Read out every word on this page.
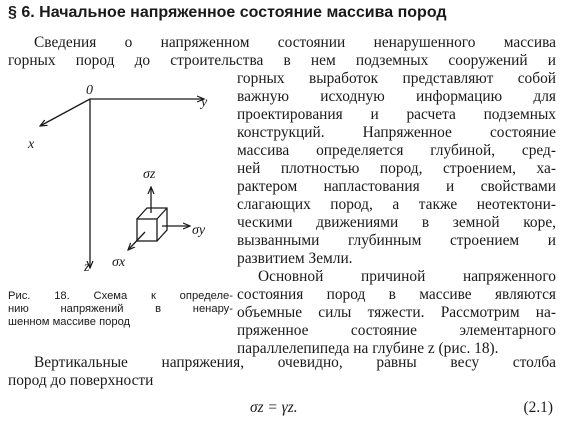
§ 6. Начальное напряженное состояние массива пород
Сведения о напряженном состоянии ненарушенного массива
горных пород до строительства в нем подземных сооружений и
горных выработок представляют собой
важную исходную информацию для
проектирования и расчета подземных
конструкций. Напряженное состояние
массива определяется глубиной, сред-
ней плотностью пород, строением, ха-
рактером напластования и свойствами
слагающих пород, а также неотектони-
ческими движениями в земной коре,
вызванными глубинным строением и
развитием Земли.
Основной причиной напряженного
состояния пород в массиве являются
объемные силы тяжести. Рассмотрим на-
пряженное состояние элементарного
параллелепипеда на глубине z (рис. 18).
0
y
x
z
σz
σy
σx
Рис. 18. Схема к определе-
нию напряжений в ненару-
шенном массиве пород
Вертикальные напряжения, очевидно, равны весу столба
пород до поверхности
σz = γz.	(2.1)
